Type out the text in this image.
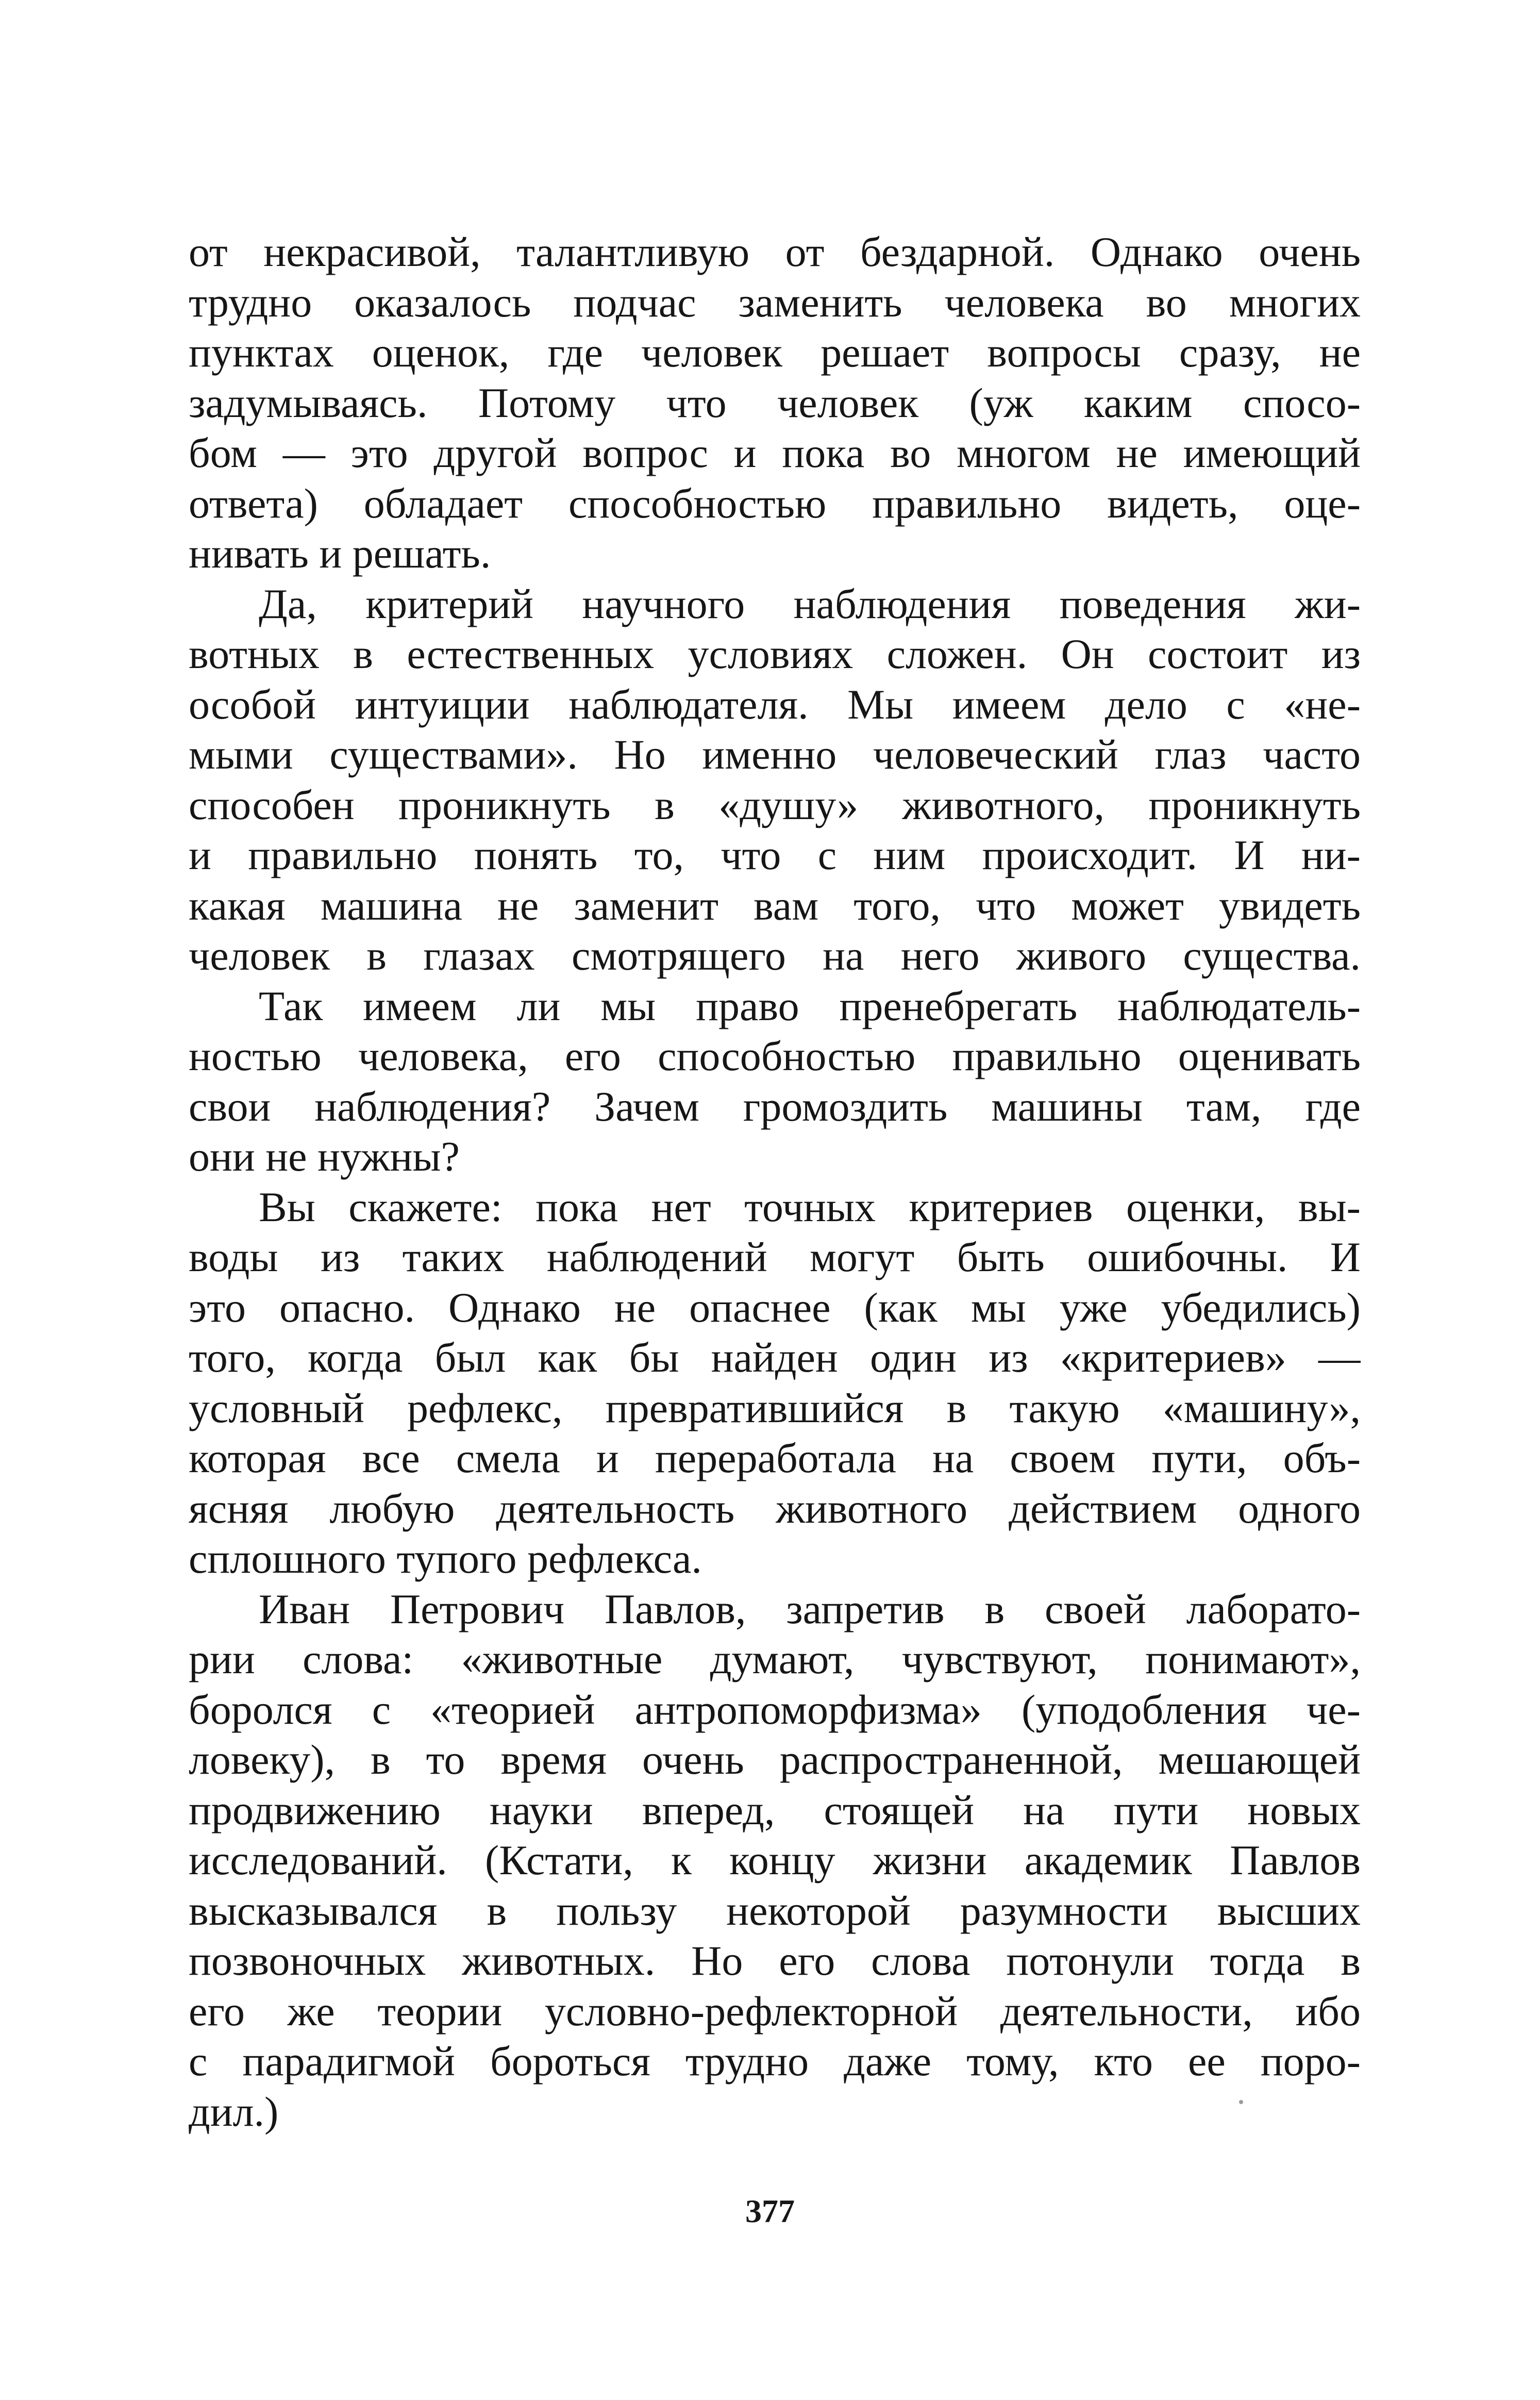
от некрасивой, талантливую от бездарной. Однако очень
трудно оказалось подчас заменить человека во многих
пунктах оценок, где человек решает вопросы сразу, не
задумываясь. Потому что человек (уж каким спосо-
бом — это другой вопрос и пока во многом не имеющий
ответа) обладает способностью правильно видеть, оце-
нивать и решать.

Да, критерий научного наблюдения поведения жи-
вотных в естественных условиях сложен. Он состоит из
особой интуиции наблюдателя. Мы имеем дело с «не-
мыми существами». Но именно человеческий глаз часто
способен проникнуть в «душу» животного, проникнуть
и правильно понять то, что с ним происходит. И ни-
какая машина не заменит вам того, что может увидеть
человек в глазах смотрящего на него живого существа.

Так имеем ли мы право пренебрегать наблюдатель-
ностью человека, его способностью правильно оценивать
свои наблюдения? Зачем громоздить машины там, где
они не нужны?

Вы скажете: пока нет точных критериев оценки, вы-
воды из таких наблюдений могут быть ошибочны. И
это опасно. Однако не опаснее (как мы уже убедились)
того, когда был как бы найден один из «критериев» —
условный рефлекс, превратившийся в такую «машину»,
которая все смела и переработала на своем пути, объ-
ясняя любую деятельность животного действием одного
сплошного тупого рефлекса.

Иван Петрович Павлов, запретив в своей лаборато-
рии слова: «животные думают, чувствуют, понимают»,
боролся с «теорией антропоморфизма» (уподобления че-
ловеку), в то время очень распространенной, мешающей
продвижению науки вперед, стоящей на пути новых
исследований. (Кстати, к концу жизни академик Павлов
высказывался в пользу некоторой разумности высших
позвоночных животных. Но его слова потонули тогда в
его же теории условно-рефлекторной деятельности, ибо
с парадигмой бороться трудно даже тому, кто ее поро-
дил.)

377
